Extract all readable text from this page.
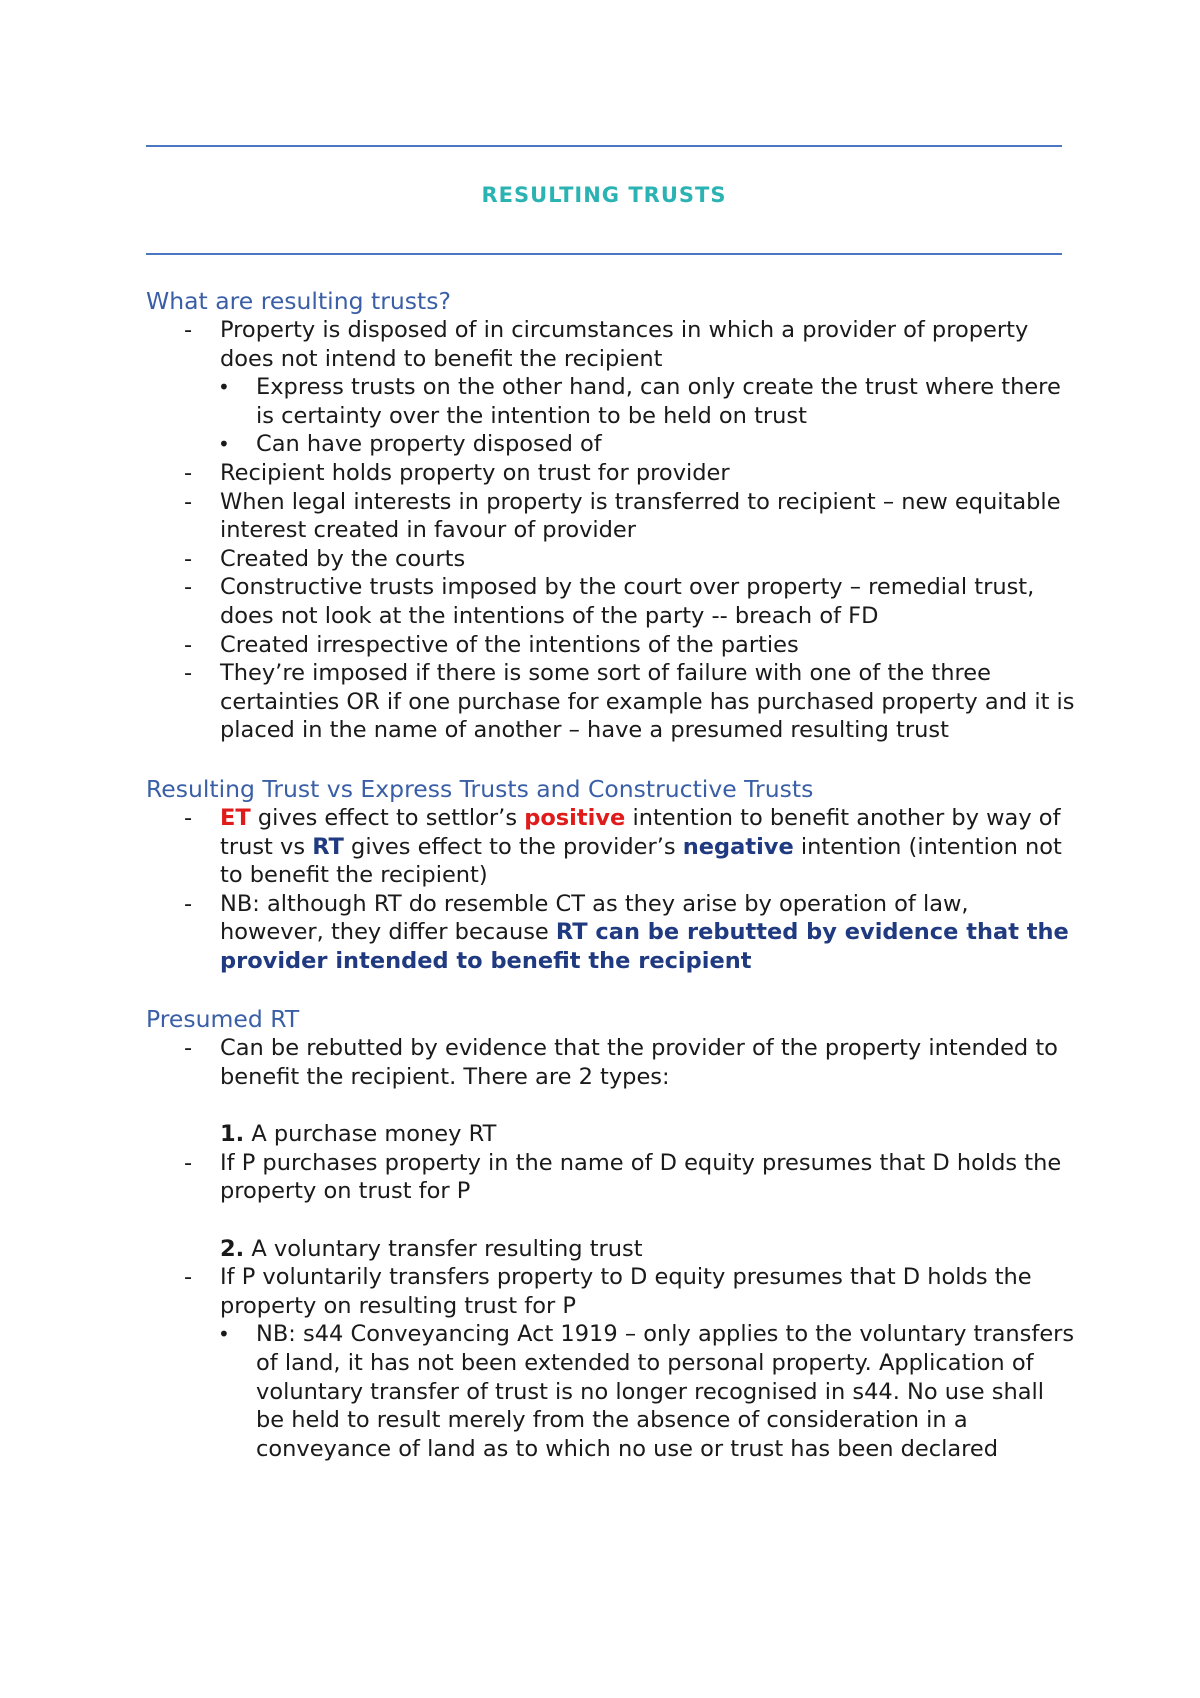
RESULTING TRUSTS
What are resulting trusts?
- Property is disposed of in circumstances in which a provider of property does not intend to benefit the recipient
• Express trusts on the other hand, can only create the trust where there is certainty over the intention to be held on trust
• Can have property disposed of
- Recipient holds property on trust for provider
- When legal interests in property is transferred to recipient – new equitable interest created in favour of provider
- Created by the courts
- Constructive trusts imposed by the court over property – remedial trust, does not look at the intentions of the party -- breach of FD
- Created irrespective of the intentions of the parties
- They’re imposed if there is some sort of failure with one of the three certainties OR if one purchase for example has purchased property and it is placed in the name of another – have a presumed resulting trust
Resulting Trust vs Express Trusts and Constructive Trusts
- ET gives effect to settlor’s positive intention to benefit another by way of trust vs RT gives effect to the provider’s negative intention (intention not to benefit the recipient)
- NB: although RT do resemble CT as they arise by operation of law, however, they differ because RT can be rebutted by evidence that the provider intended to benefit the recipient
Presumed RT
- Can be rebutted by evidence that the provider of the property intended to benefit the recipient. There are 2 types:
1. A purchase money RT
- If P purchases property in the name of D equity presumes that D holds the property on trust for P
2. A voluntary transfer resulting trust
- If P voluntarily transfers property to D equity presumes that D holds the property on resulting trust for P
• NB: s44 Conveyancing Act 1919 – only applies to the voluntary transfers of land, it has not been extended to personal property. Application of voluntary transfer of trust is no longer recognised in s44. No use shall be held to result merely from the absence of consideration in a conveyance of land as to which no use or trust has been declared
